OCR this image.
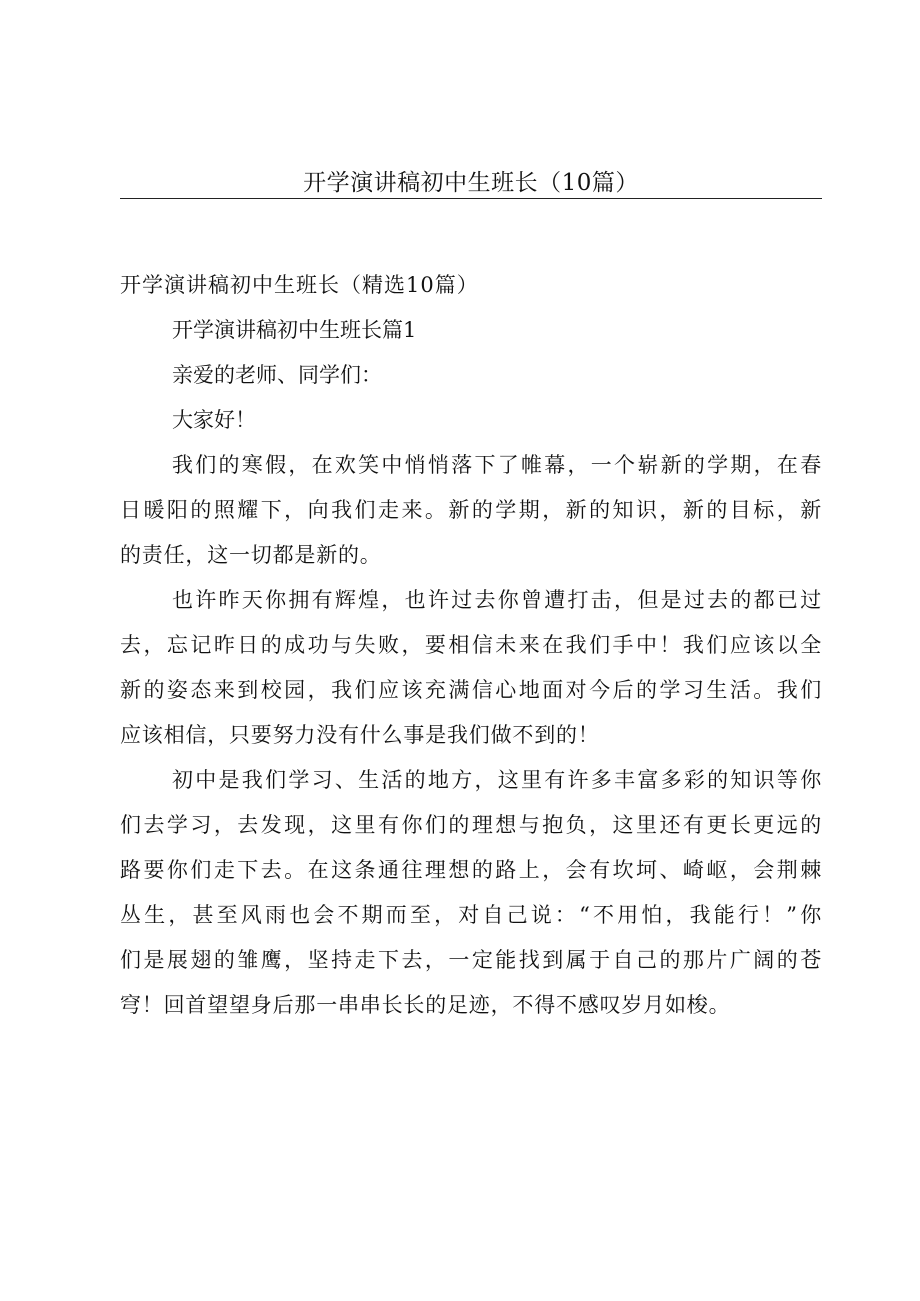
开学演讲稿初中生班长（10篇）

开学演讲稿初中生班长（精选10篇）

开学演讲稿初中生班长篇1

亲爱的老师、同学们：

大家好！

我们的寒假，在欢笑中悄悄落下了帷幕，一个崭新的学期，在春
日暖阳的照耀下，向我们走来。新的学期，新的知识，新的目标，新
的责任，这一切都是新的。

也许昨天你拥有辉煌，也许过去你曾遭打击，但是过去的都已过
去，忘记昨日的成功与失败，要相信未来在我们手中！我们应该以全
新的姿态来到校园，我们应该充满信心地面对今后的学习生活。我们
应该相信，只要努力没有什么事是我们做不到的！

初中是我们学习、生活的地方，这里有许多丰富多彩的知识等你
们去学习，去发现，这里有你们的理想与抱负，这里还有更长更远的
路要你们走下去。在这条通往理想的路上，会有坎坷、崎岖，会荆棘
丛生，甚至风雨也会不期而至，对自己说：“不用怕，我能行！”你
们是展翅的雏鹰，坚持走下去，一定能找到属于自己的那片广阔的苍
穹！回首望望身后那一串串长长的足迹，不得不感叹岁月如梭。
